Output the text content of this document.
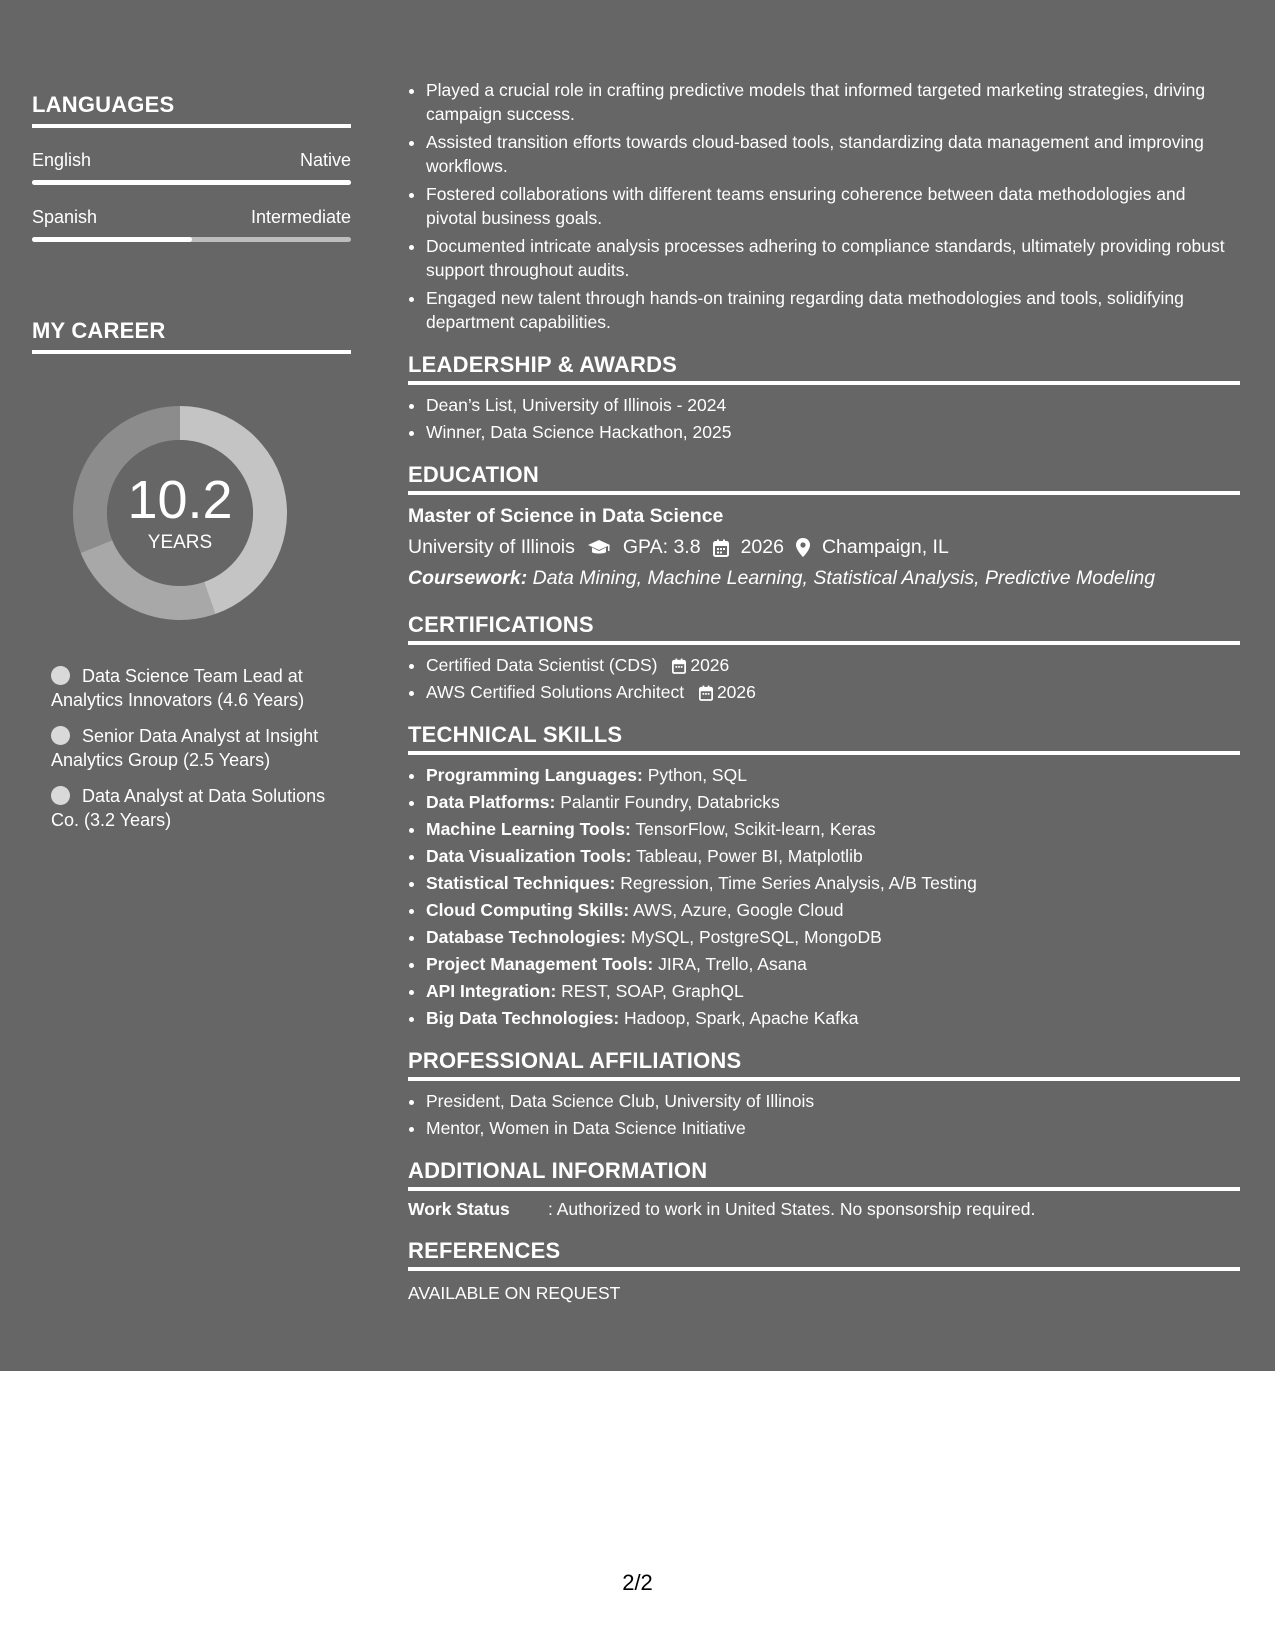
LANGUAGES
English	Native
Spanish	Intermediate
MY CAREER
10.2
YEARS
Data Science Team Lead at Analytics Innovators (4.6 Years)
Senior Data Analyst at Insight Analytics Group (2.5 Years)
Data Analyst at Data Solutions Co. (3.2 Years)
• Played a crucial role in crafting predictive models that informed targeted marketing strategies, driving campaign success.
• Assisted transition efforts towards cloud-based tools, standardizing data management and improving workflows.
• Fostered collaborations with different teams ensuring coherence between data methodologies and pivotal business goals.
• Documented intricate analysis processes adhering to compliance standards, ultimately providing robust support throughout audits.
• Engaged new talent through hands-on training regarding data methodologies and tools, solidifying department capabilities.
LEADERSHIP & AWARDS
• Dean’s List, University of Illinois - 2024
• Winner, Data Science Hackathon, 2025
EDUCATION
Master of Science in Data Science
University of Illinois GPA: 3.8 2026 Champaign, IL
Coursework: Data Mining, Machine Learning, Statistical Analysis, Predictive Modeling
CERTIFICATIONS
• Certified Data Scientist (CDS) 2026
• AWS Certified Solutions Architect 2026
TECHNICAL SKILLS
• Programming Languages: Python, SQL
• Data Platforms: Palantir Foundry, Databricks
• Machine Learning Tools: TensorFlow, Scikit-learn, Keras
• Data Visualization Tools: Tableau, Power BI, Matplotlib
• Statistical Techniques: Regression, Time Series Analysis, A/B Testing
• Cloud Computing Skills: AWS, Azure, Google Cloud
• Database Technologies: MySQL, PostgreSQL, MongoDB
• Project Management Tools: JIRA, Trello, Asana
• API Integration: REST, SOAP, GraphQL
• Big Data Technologies: Hadoop, Spark, Apache Kafka
PROFESSIONAL AFFILIATIONS
• President, Data Science Club, University of Illinois
• Mentor, Women in Data Science Initiative
ADDITIONAL INFORMATION
Work Status	: Authorized to work in United States. No sponsorship required.
REFERENCES
AVAILABLE ON REQUEST
2/2
